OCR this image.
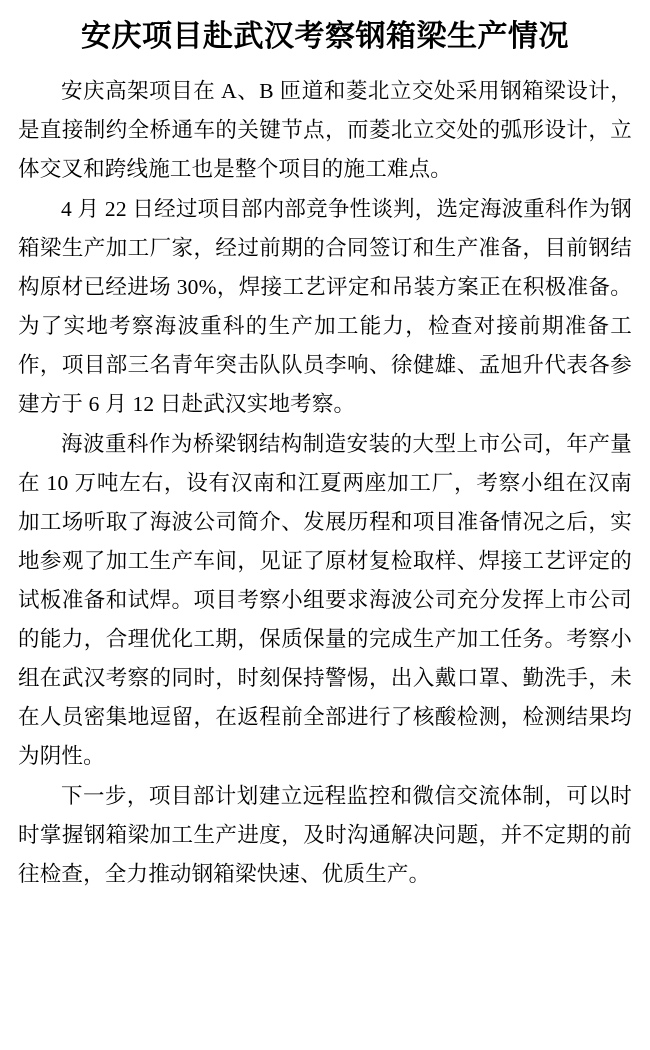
安庆项目赴武汉考察钢箱梁生产情况

安庆高架项目在 A、B 匝道和菱北立交处采用钢箱梁设计，是直接制约全桥通车的关键节点，而菱北立交处的弧形设计，立体交叉和跨线施工也是整个项目的施工难点。

4 月 22 日经过项目部内部竞争性谈判，选定海波重科作为钢箱梁生产加工厂家，经过前期的合同签订和生产准备，目前钢结构原材已经进场 30%，焊接工艺评定和吊装方案正在积极准备。为了实地考察海波重科的生产加工能力，检查对接前期准备工作，项目部三名青年突击队队员李响、徐健雄、孟旭升代表各参建方于 6 月 12 日赴武汉实地考察。

海波重科作为桥梁钢结构制造安装的大型上市公司，年产量在 10 万吨左右，设有汉南和江夏两座加工厂，考察小组在汉南加工场听取了海波公司简介、发展历程和项目准备情况之后，实地参观了加工生产车间，见证了原材复检取样、焊接工艺评定的试板准备和试焊。项目考察小组要求海波公司充分发挥上市公司的能力，合理优化工期，保质保量的完成生产加工任务。考察小组在武汉考察的同时，时刻保持警惕，出入戴口罩、勤洗手，未在人员密集地逗留，在返程前全部进行了核酸检测，检测结果均为阴性。

下一步，项目部计划建立远程监控和微信交流体制，可以时时掌握钢箱梁加工生产进度，及时沟通解决问题，并不定期的前往检查，全力推动钢箱梁快速、优质生产。
